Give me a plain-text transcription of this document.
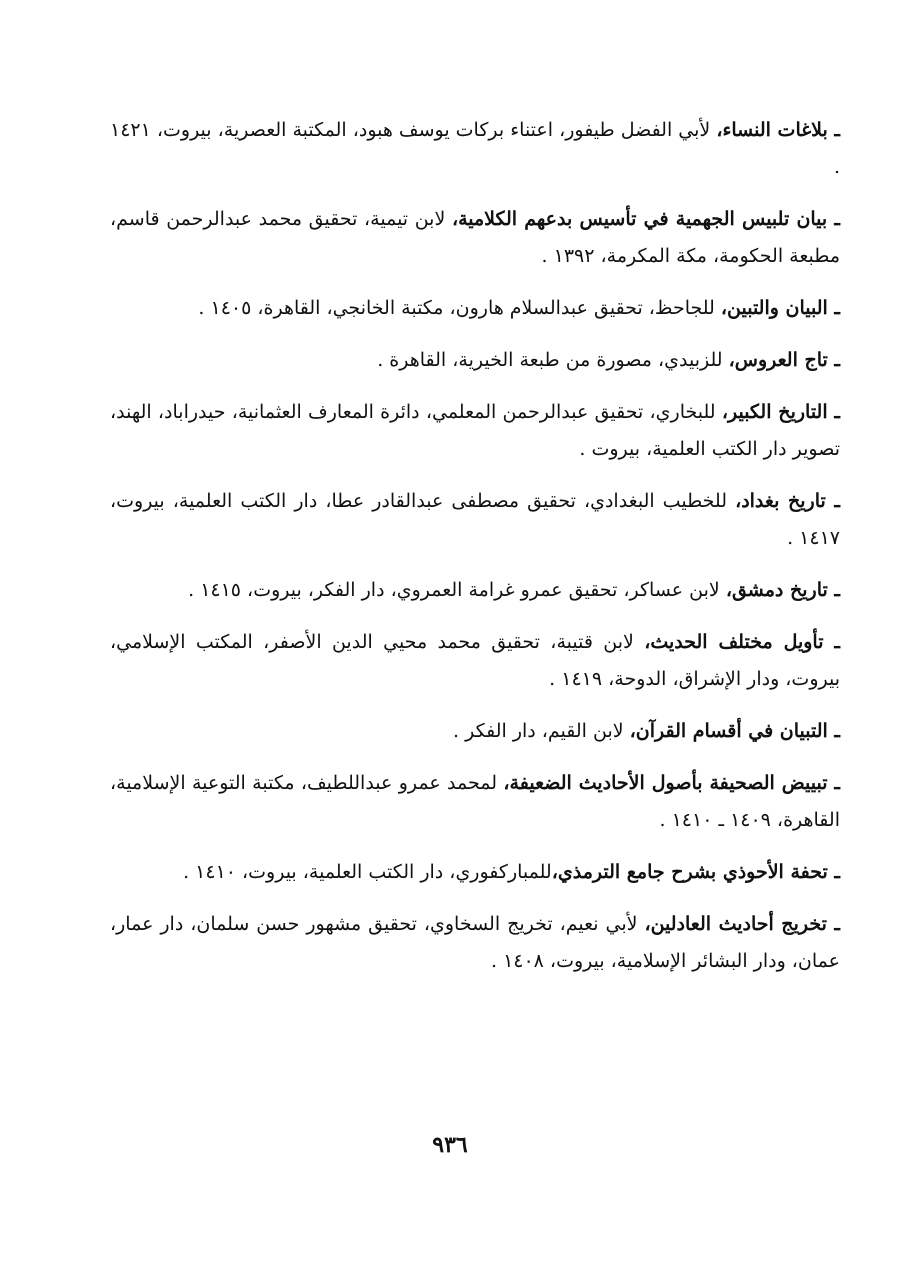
ـ بلاغات النساء، لأبي الفضل طيفور، اعتناء بركات يوسف هبود، المكتبة العصرية، بيروت، ١٤٢١ .

ـ بيان تلبيس الجهمية في تأسيس بدعهم الكلامية، لابن تيمية، تحقيق محمد عبدالرحمن قاسم، مطبعة الحكومة، مكة المكرمة، ١٣٩٢ .

ـ البيان والتبين، للجاحظ، تحقيق عبدالسلام هارون، مكتبة الخانجي، القاهرة، ١٤٠٥ .

ـ تاج العروس، للزبيدي، مصورة من طبعة الخيرية، القاهرة .

ـ التاريخ الكبير، للبخاري، تحقيق عبدالرحمن المعلمي، دائرة المعارف العثمانية، حيدراباد، الهند، تصوير دار الكتب العلمية، بيروت .

ـ تاريخ بغداد، للخطيب البغدادي، تحقيق مصطفى عبدالقادر عطا، دار الكتب العلمية، بيروت، ١٤١٧ .

ـ تاريخ دمشق، لابن عساكر، تحقيق عمرو غرامة العمروي، دار الفكر، بيروت، ١٤١٥ .

ـ تأويل مختلف الحديث، لابن قتيبة، تحقيق محمد محيي الدين الأصفر، المكتب الإسلامي، بيروت، ودار الإشراق، الدوحة، ١٤١٩ .

ـ التبيان في أقسام القرآن، لابن القيم، دار الفكر .

ـ تبييض الصحيفة بأصول الأحاديث الضعيفة، لمحمد عمرو عبداللطيف، مكتبة التوعية الإسلامية، القاهرة، ١٤٠٩ ـ ١٤١٠ .

ـ تحفة الأحوذي بشرح جامع الترمذي،للمباركفوري، دار الكتب العلمية، بيروت، ١٤١٠ .

ـ تخريج أحاديث العادلين، لأبي نعيم، تخريج السخاوي، تحقيق مشهور حسن سلمان، دار عمار، عمان، ودار البشائر الإسلامية، بيروت، ١٤٠٨ .

٩٣٦
